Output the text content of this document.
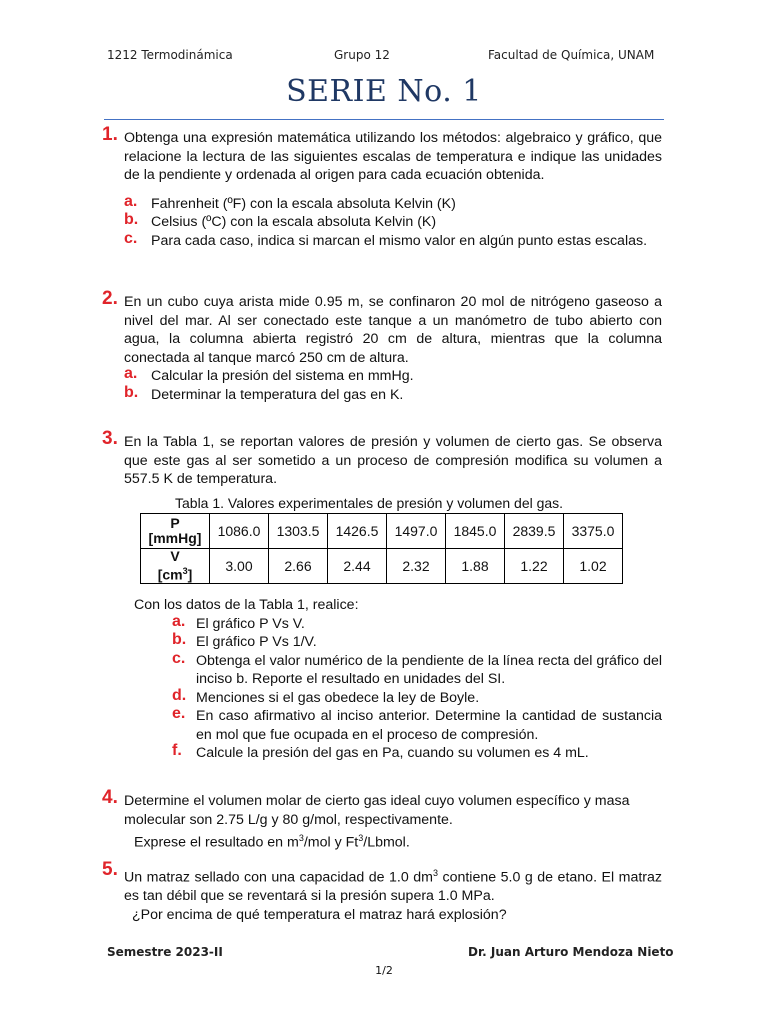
1212 Termodinámica	Grupo 12	Facultad de Química, UNAM
SERIE No. 1
1. Obtenga una expresión matemática utilizando los métodos: algebraico y gráfico, que relacione la lectura de las siguientes escalas de temperatura e indique las unidades de la pendiente y ordenada al origen para cada ecuación obtenida.
a. Fahrenheit (ºF) con la escala absoluta Kelvin (K)
b. Celsius (ºC) con la escala absoluta Kelvin (K)
c. Para cada caso, indica si marcan el mismo valor en algún punto estas escalas.
2. En un cubo cuya arista mide 0.95 m, se confinaron 20 mol de nitrógeno gaseoso a nivel del mar. Al ser conectado este tanque a un manómetro de tubo abierto con agua, la columna abierta registró 20 cm de altura, mientras que la columna conectada al tanque marcó 250 cm de altura.
a. Calcular la presión del sistema en mmHg.
b. Determinar la temperatura del gas en K.
3. En la Tabla 1, se reportan valores de presión y volumen de cierto gas. Se observa que este gas al ser sometido a un proceso de compresión modifica su volumen a 557.5 K de temperatura.
Tabla 1. Valores experimentales de presión y volumen del gas.
P
[mmHg]	1086.0	1303.5	1426.5	1497.0	1845.0	2839.5	3375.0
V
$[cm^3]$	3.00	2.66	2.44	2.32	1.88	1.22	1.02
Con los datos de la Tabla 1, realice:
a. El gráfico P Vs V.
b. El gráfico P Vs 1/V.
c. Obtenga el valor numérico de la pendiente de la línea recta del gráfico del inciso b. Reporte el resultado en unidades del SI.
d. Menciones si el gas obedece la ley de Boyle.
e. En caso afirmativo al inciso anterior. Determine la cantidad de sustancia en mol que fue ocupada en el proceso de compresión.
f. Calcule la presión del gas en Pa, cuando su volumen es 4 mL.
4. Determine el volumen molar de cierto gas ideal cuyo volumen específico y masa molecular son 2.75 L/g y 80 g/mol, respectivamente.
Exprese el resultado en $m^3$/mol y Ft$^3$/Lbmol.
5. Un matraz sellado con una capacidad de 1.0 $dm^3$ contiene 5.0 g de etano. El matraz es tan débil que se reventará si la presión supera 1.0 MPa.
¿Por encima de qué temperatura el matraz hará explosión?
Semestre 2023-II	Dr. Juan Arturo Mendoza Nieto
1/2
